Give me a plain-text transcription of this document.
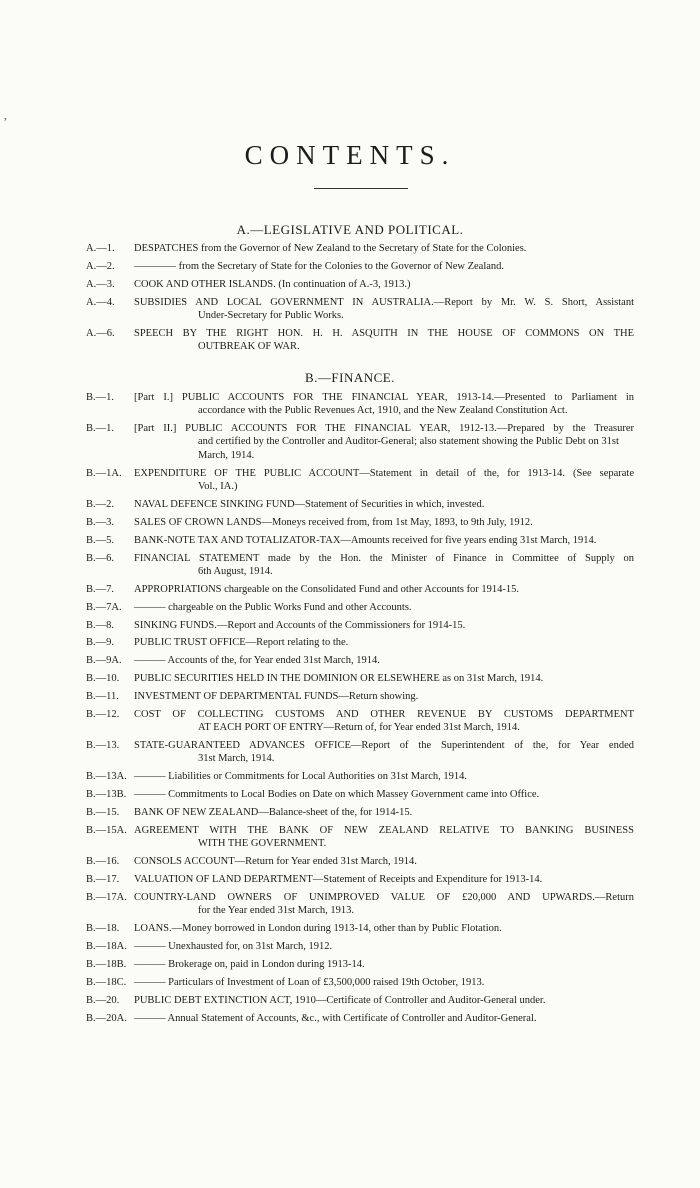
CONTENTS.
A.—LEGISLATIVE AND POLITICAL.
A.—1.	DESPATCHES from the Governor of New Zealand to the Secretary of State for the Colonies.
A.—2.	———— from the Secretary of State for the Colonies to the Governor of New Zealand.
A.—3.	COOK AND OTHER ISLANDS. (In continuation of A.-3, 1913.)
A.—4.	SUBSIDIES AND LOCAL GOVERNMENT IN AUSTRALIA.—Report by Mr. W. S. Short, Assistant
Under-Secretary for Public Works.
A.—6.	SPEECH BY THE RIGHT HON. H. H. ASQUITH IN THE HOUSE OF COMMONS ON THE
OUTBREAK OF WAR.
B.—FINANCE.
B.—1.	[Part I.] PUBLIC ACCOUNTS FOR THE FINANCIAL YEAR, 1913-14.—Presented to Parliament in
accordance with the Public Revenues Act, 1910, and the New Zealand Constitution Act.
B.—1.	[Part II.] PUBLIC ACCOUNTS FOR THE FINANCIAL YEAR, 1912-13.—Prepared by the Treasurer
and certified by the Controller and Auditor-General; also statement showing the Public Debt on 31st March, 1914.
B.—1A.	EXPENDITURE OF THE PUBLIC ACCOUNT—Statement in detail of the, for 1913-14. (See separate
Vol., IA.)
B.—2.	NAVAL DEFENCE SINKING FUND—Statement of Securities in which, invested.
B.—3.	SALES OF CROWN LANDS—Moneys received from, from 1st May, 1893, to 9th July, 1912.
B.—5.	BANK-NOTE TAX AND TOTALIZATOR-TAX—Amounts received for five years ending 31st March, 1914.
B.—6.	FINANCIAL STATEMENT made by the Hon. the Minister of Finance in Committee of Supply on
6th August, 1914.
B.—7.	APPROPRIATIONS chargeable on the Consolidated Fund and other Accounts for 1914-15.
B.—7A.	——— chargeable on the Public Works Fund and other Accounts.
B.—8.	SINKING FUNDS.—Report and Accounts of the Commissioners for 1914-15.
B.—9.	PUBLIC TRUST OFFICE—Report relating to the.
B.—9A.	——— Accounts of the, for Year ended 31st March, 1914.
B.—10.	PUBLIC SECURITIES HELD IN THE DOMINION OR ELSEWHERE as on 31st March, 1914.
B.—11.	INVESTMENT OF DEPARTMENTAL FUNDS—Return showing.
B.—12.	COST OF COLLECTING CUSTOMS AND OTHER REVENUE BY CUSTOMS DEPARTMENT
AT EACH PORT OF ENTRY—Return of, for Year ended 31st March, 1914.
B.—13.	STATE-GUARANTEED ADVANCES OFFICE—Report of the Superintendent of the, for Year ended
31st March, 1914.
B.—13A. ——— Liabilities or Commitments for Local Authorities on 31st March, 1914.
B.—13B. ——— Commitments to Local Bodies on Date on which Massey Government came into Office.
B.—15.	BANK OF NEW ZEALAND—Balance-sheet of the, for 1914-15.
B.—15A. AGREEMENT WITH THE BANK OF NEW ZEALAND RELATIVE TO BANKING BUSINESS
WITH THE GOVERNMENT.
B.—16.	CONSOLS ACCOUNT—Return for Year ended 31st March, 1914.
B.—17.	VALUATION OF LAND DEPARTMENT—Statement of Receipts and Expenditure for 1913-14.
B.—17A. COUNTRY-LAND OWNERS OF UNIMPROVED VALUE OF £20,000 AND UPWARDS.—Return
for the Year ended 31st March, 1913.
B.—18.	LOANS.—Money borrowed in London during 1913-14, other than by Public Flotation.
B.—18A. ——— Unexhausted for, on 31st March, 1912.
B.—18B. ——— Brokerage on, paid in London during 1913-14.
B.—18C. ——— Particulars of Investment of Loan of £3,500,000 raised 19th October, 1913.
B.—20.	PUBLIC DEBT EXTINCTION ACT, 1910—Certificate of Controller and Auditor-General under.
B.—20A. ——— Annual Statement of Accounts, &c., with Certificate of Controller and Auditor-General.
,
